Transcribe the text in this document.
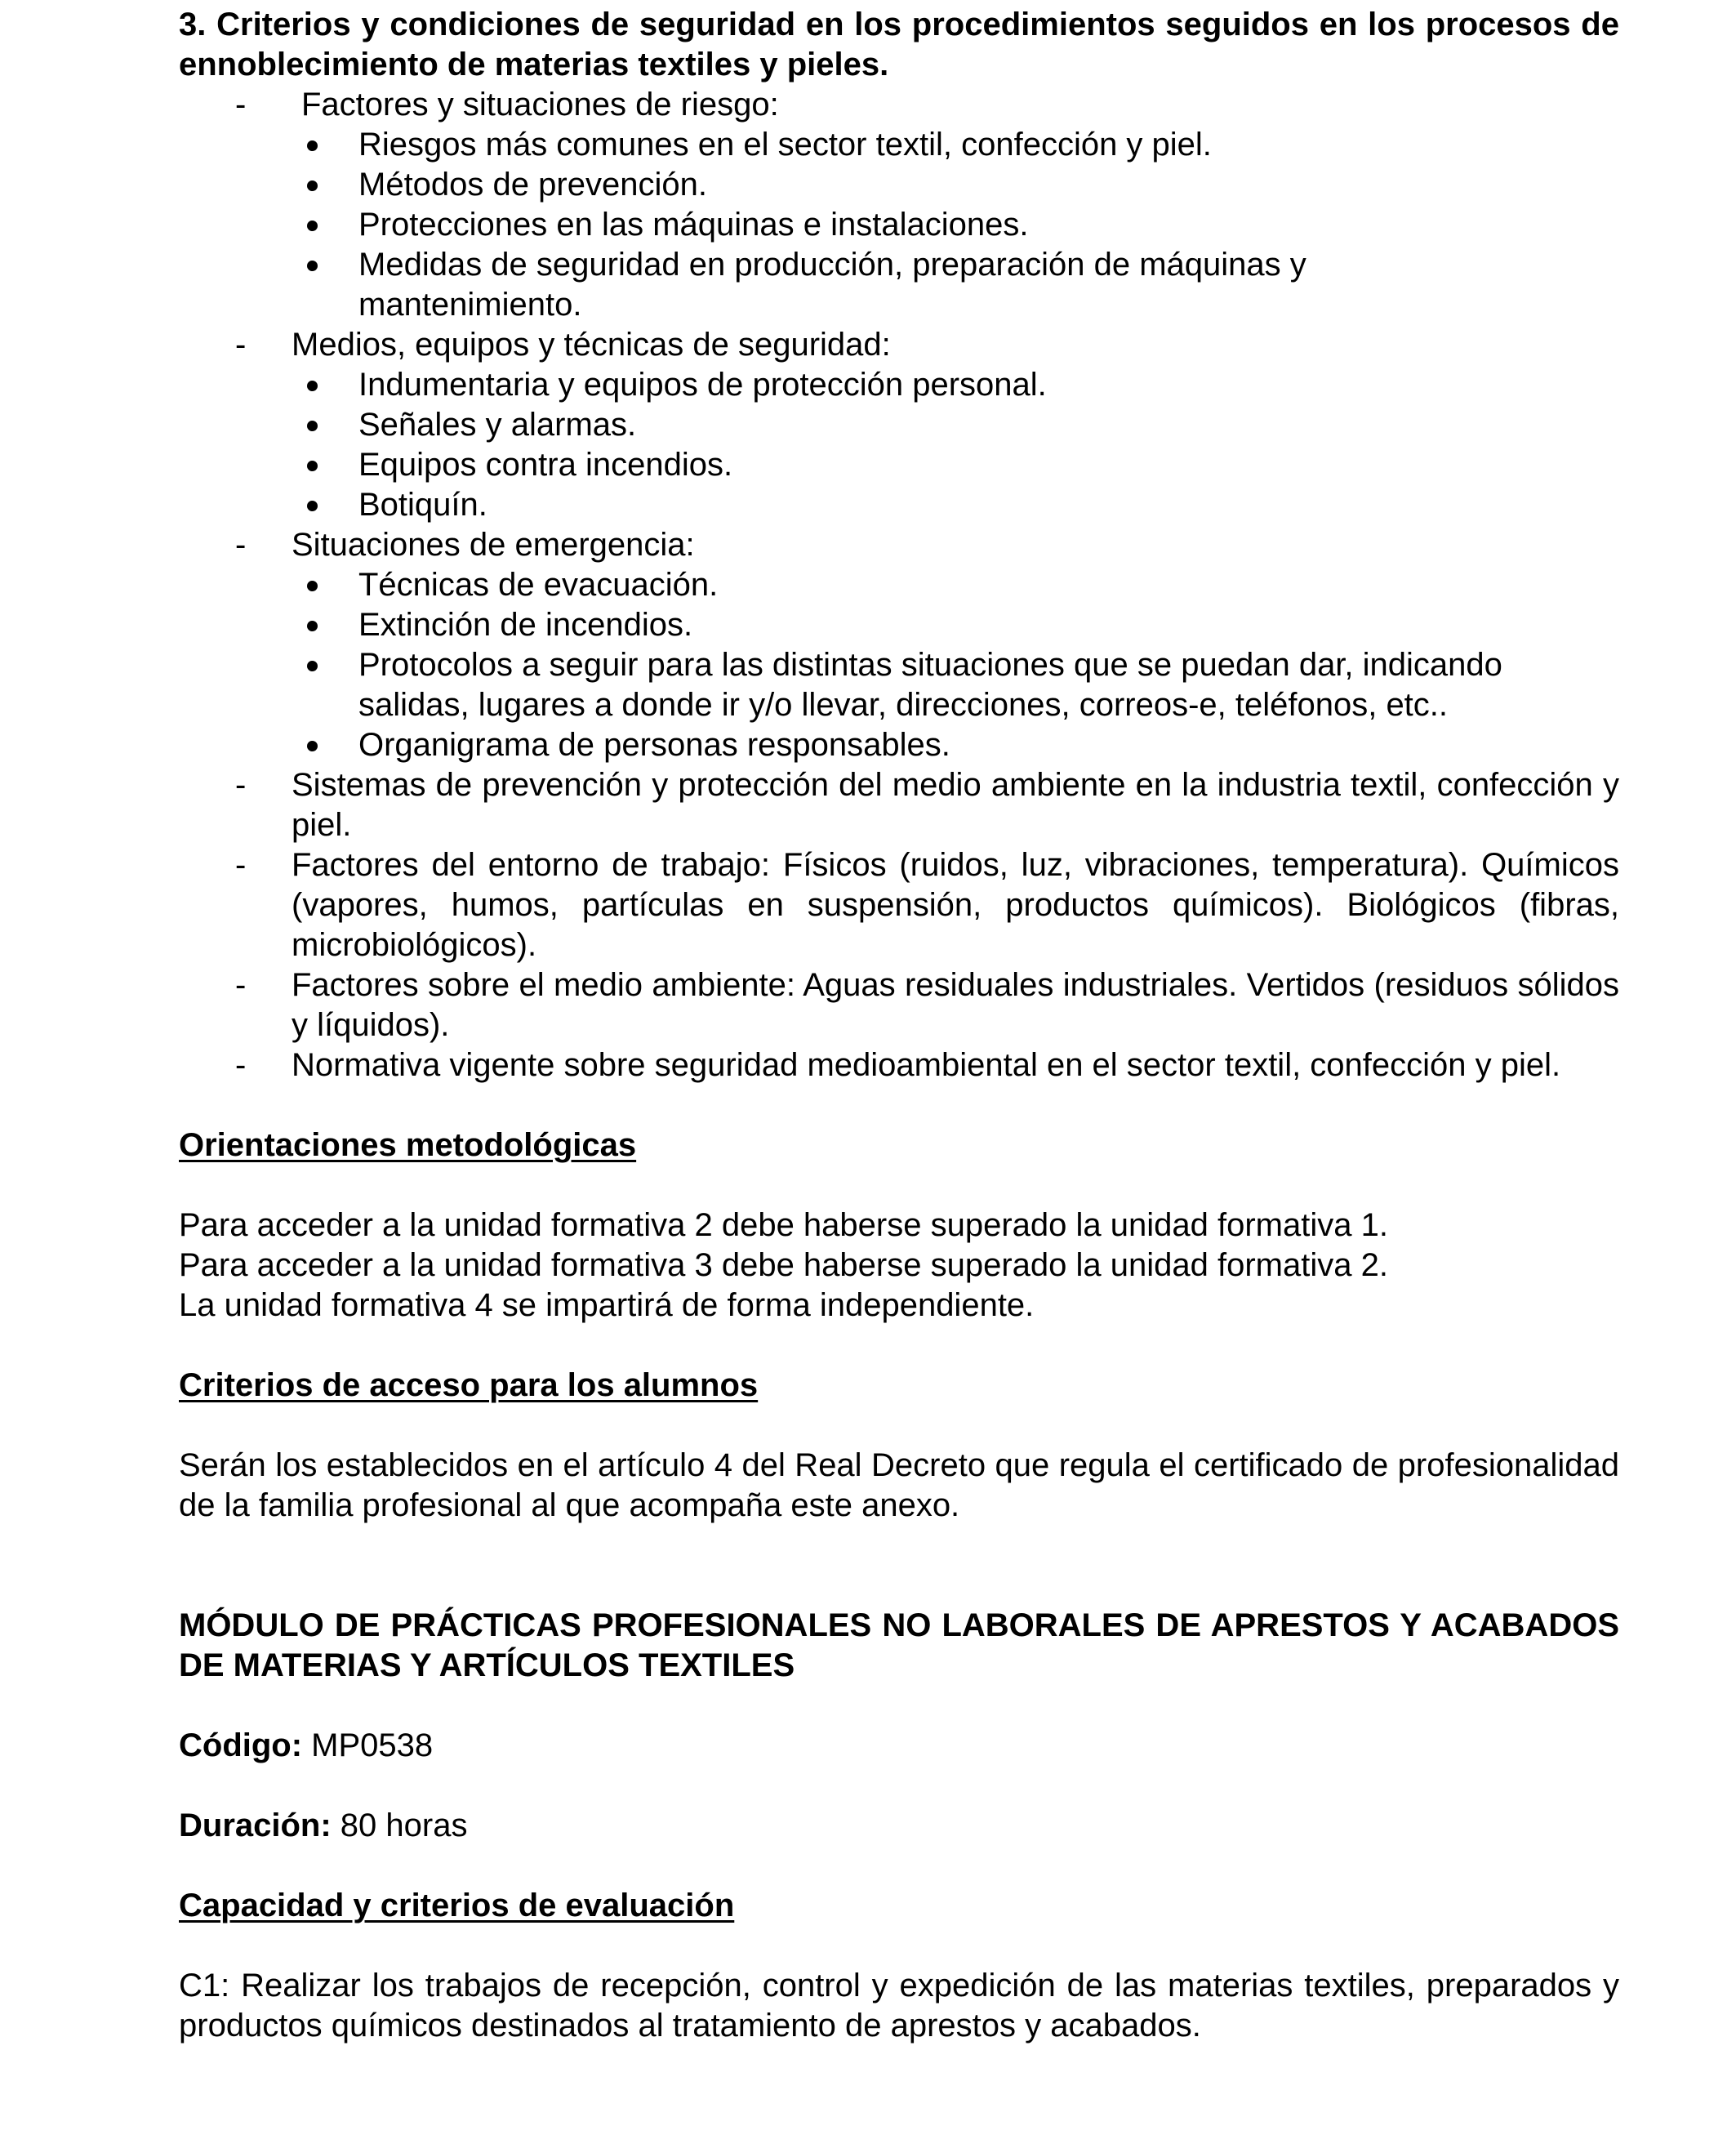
3. Criterios y condiciones de seguridad en los procedimientos seguidos en los procesos de ennoblecimiento de materias textiles y pieles.

- Factores y situaciones de riesgo:
Riesgos más comunes en el sector textil, confección y piel.
Métodos de prevención.
Protecciones en las máquinas e instalaciones.
Medidas de seguridad en producción, preparación de máquinas y mantenimiento.
- Medios, equipos y técnicas de seguridad:
Indumentaria y equipos de protección personal.
Señales y alarmas.
Equipos contra incendios.
Botiquín.
- Situaciones de emergencia:
Técnicas de evacuación.
Extinción de incendios.
Protocolos a seguir para las distintas situaciones que se puedan dar, indicando salidas, lugares a donde ir y/o llevar, direcciones, correos-e, teléfonos, etc..
Organigrama de personas responsables.
- Sistemas de prevención y protección del medio ambiente en la industria textil, confección y piel.
- Factores del entorno de trabajo: Físicos (ruidos, luz, vibraciones, temperatura). Químicos (vapores, humos, partículas en suspensión, productos químicos). Biológicos (fibras, microbiológicos).
- Factores sobre el medio ambiente: Aguas residuales industriales. Vertidos (residuos sólidos y líquidos).
- Normativa vigente sobre seguridad medioambiental en el sector textil, confección y piel.

Orientaciones metodológicas

Para acceder a la unidad formativa 2 debe haberse superado la unidad formativa 1.

Para acceder a la unidad formativa 3 debe haberse superado la unidad formativa 2.

La unidad formativa 4 se impartirá de forma independiente.

Criterios de acceso para los alumnos

Serán los establecidos en el artículo 4 del Real Decreto que regula el certificado de profesionalidad de la familia profesional al que acompaña este anexo.

MÓDULO DE PRÁCTICAS PROFESIONALES NO LABORALES DE APRESTOS Y ACABADOS DE MATERIAS Y ARTÍCULOS TEXTILES

Código: MP0538

Duración: 80 horas

Capacidad y criterios de evaluación

C1: Realizar los trabajos de recepción, control y expedición de las materias textiles, preparados y productos químicos destinados al tratamiento de aprestos y acabados.
